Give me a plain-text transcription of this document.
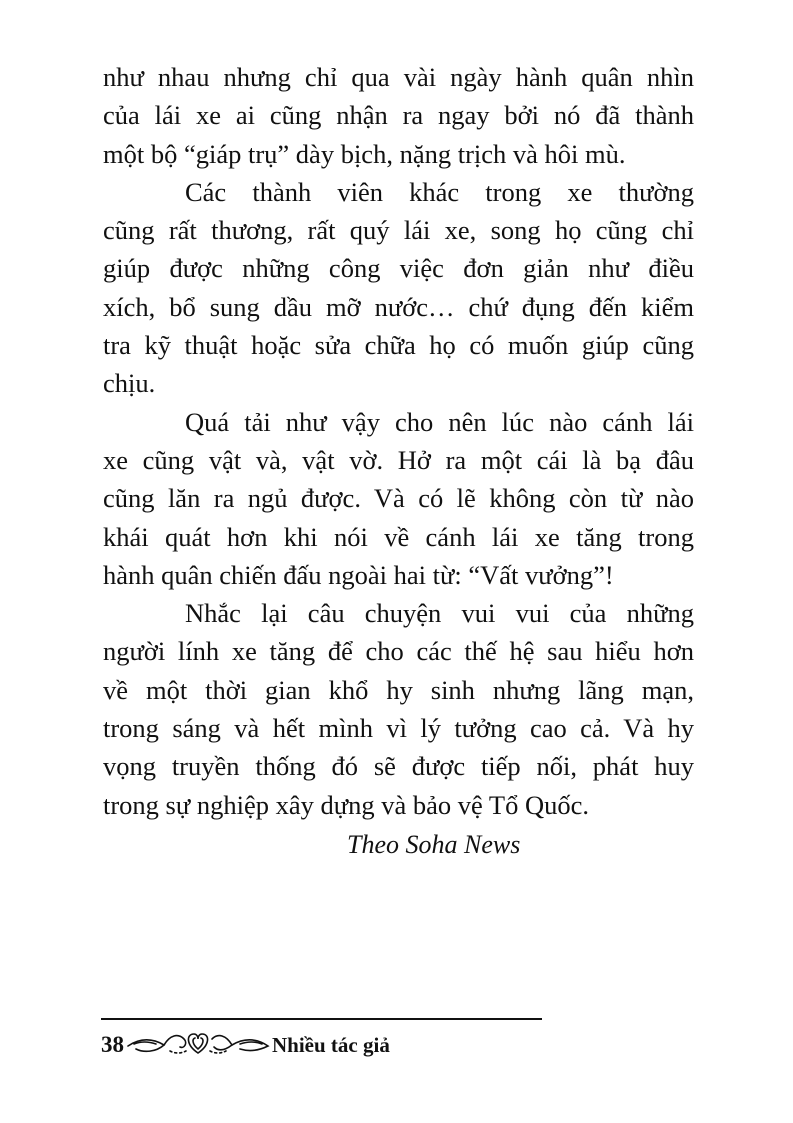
như nhau nhưng chỉ qua vài ngày hành quân nhìn
của lái xe ai cũng nhận ra ngay bởi nó đã thành
một bộ “giáp trụ” dày bịch, nặng trịch và hôi mù.
Các thành viên khác trong xe thường
cũng rất thương, rất quý lái xe, song họ cũng chỉ
giúp được những công việc đơn giản như điều
xích, bổ sung dầu mỡ nước… chứ đụng đến kiểm
tra kỹ thuật hoặc sửa chữa họ có muốn giúp cũng
chịu.
Quá tải như vậy cho nên lúc nào cánh lái
xe cũng vật và, vật vờ. Hở ra một cái là bạ đâu
cũng lăn ra ngủ được. Và có lẽ không còn từ nào
khái quát hơn khi nói về cánh lái xe tăng trong
hành quân chiến đấu ngoài hai từ: “Vất vưởng”!
Nhắc lại câu chuyện vui vui của những
người lính xe tăng để cho các thế hệ sau hiểu hơn
về một thời gian khổ hy sinh nhưng lãng mạn,
trong sáng và hết mình vì lý tưởng cao cả. Và hy
vọng truyền thống đó sẽ được tiếp nối, phát huy
trong sự nghiệp xây dựng và bảo vệ Tổ Quốc.
Theo Soha News
38	Nhiều tác giả
